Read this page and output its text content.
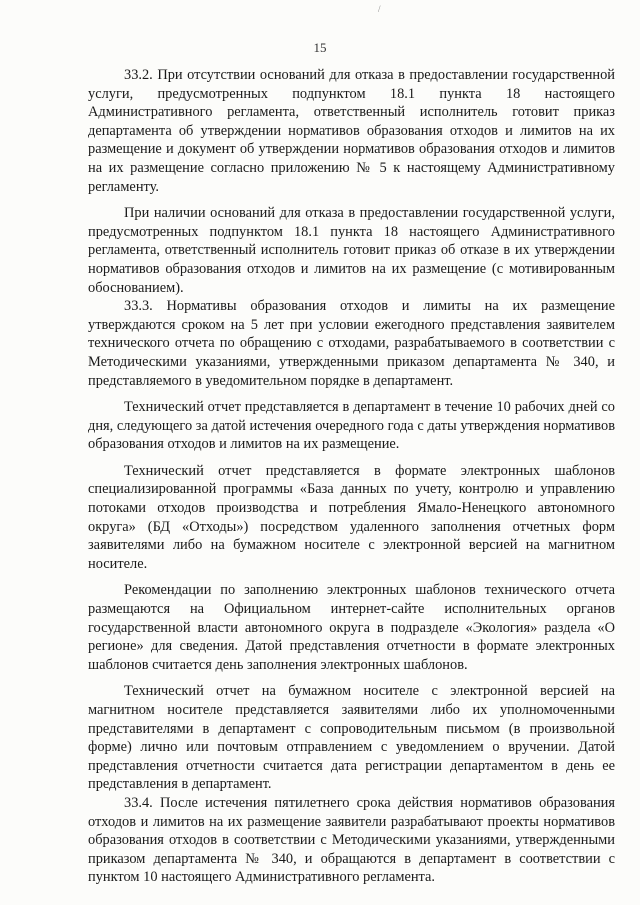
/
15

33.2. При отсутствии оснований для отказа в предоставлении государственной услуги, предусмотренных подпунктом 18.1 пункта 18 настоящего Административного регламента, ответственный исполнитель готовит приказ департамента об утверждении нормативов образования отходов и лимитов на их размещение и документ об утверждении нормативов образования отходов и лимитов на их размещение согласно приложению № 5 к настоящему Административному регламенту.

При наличии оснований для отказа в предоставлении государственной услуги, предусмотренных подпунктом 18.1 пункта 18 настоящего Административного регламента, ответственный исполнитель готовит приказ об отказе в их утверждении нормативов образования отходов и лимитов на их размещение (с мотивированным обоснованием).

33.3. Нормативы образования отходов и лимиты на их размещение утверждаются сроком на 5 лет при условии ежегодного представления заявителем технического отчета по обращению с отходами, разрабатываемого в соответствии с Методическими указаниями, утвержденными приказом департамента № 340, и представляемого в уведомительном порядке в департамент.

Технический отчет представляется в департамент в течение 10 рабочих дней со дня, следующего за датой истечения очередного года с даты утверждения нормативов образования отходов и лимитов на их размещение.

Технический отчет представляется в формате электронных шаблонов специализированной программы «База данных по учету, контролю и управлению потоками отходов производства и потребления Ямало-Ненецкого автономного округа» (БД «Отходы») посредством удаленного заполнения отчетных форм заявителями либо на бумажном носителе с электронной версией на магнитном носителе.

Рекомендации по заполнению электронных шаблонов технического отчета размещаются на Официальном интернет-сайте исполнительных органов государственной власти автономного округа в подразделе «Экология» раздела «О регионе» для сведения. Датой представления отчетности в формате электронных шаблонов считается день заполнения электронных шаблонов.

Технический отчет на бумажном носителе с электронной версией на магнитном носителе представляется заявителями либо их уполномоченными представителями в департамент с сопроводительным письмом (в произвольной форме) лично или почтовым отправлением с уведомлением о вручении. Датой представления отчетности считается дата регистрации департаментом в день ее представления в департамент.

33.4. После истечения пятилетнего срока действия нормативов образования отходов и лимитов на их размещение заявители разрабатывают проекты нормативов образования отходов в соответствии с Методическими указаниями, утвержденными приказом департамента № 340, и обращаются в департамент в соответствии с пунктом 10 настоящего Административного регламента.
